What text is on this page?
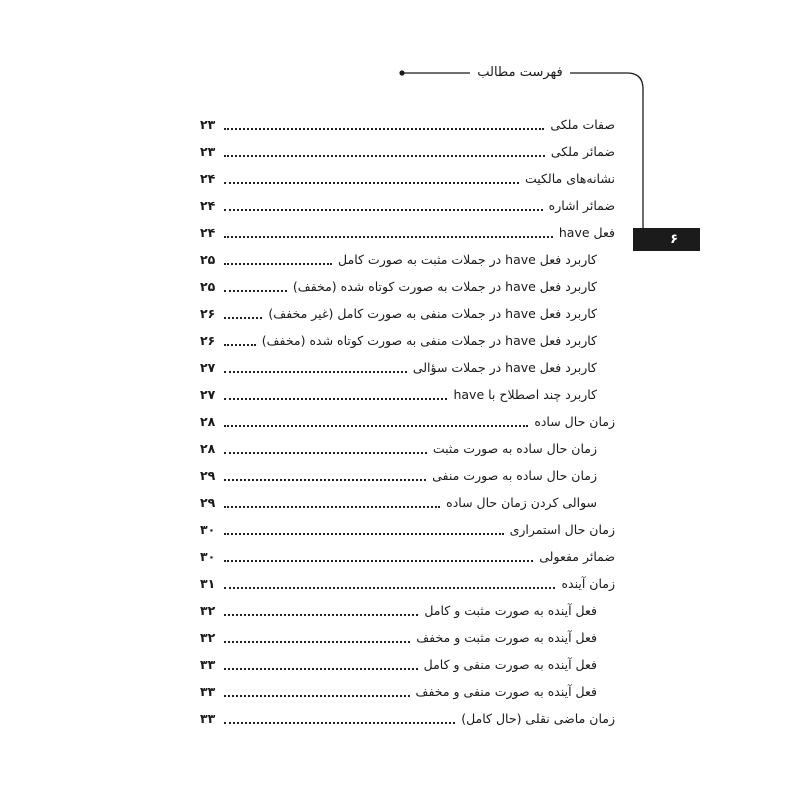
فهرست مطالب
۶
صفات ملکی
۲۳
ضمائر ملکی
۲۳
نشانه‌های مالکیت
۲۴
ضمائر اشاره
۲۴
فعل have
۲۴
کاربرد فعل have در جملات مثبت به صورت کامل
۲۵
کاربرد فعل have در جملات به صورت کوتاه شده (مخفف)
۲۵
کاربرد فعل have در جملات منفی به صورت کامل (غیر مخفف)
۲۶
کاربرد فعل have در جملات منفی به صورت کوتاه شده (مخفف)
۲۶
کاربرد فعل have در جملات سؤالی
۲۷
کاربرد چند اصطلاح با have
۲۷
زمان حال ساده
۲۸
زمان حال ساده به صورت مثبت
۲۸
زمان حال ساده به صورت منفی
۲۹
سوالی کردن زمان حال ساده
۲۹
زمان حال استمراری
۳۰
ضمائر مفعولی
۳۰
زمان آینده
۳۱
فعل آینده به صورت مثبت و کامل
۳۲
فعل آینده به صورت مثبت و مخفف
۳۲
فعل آینده به صورت منفی و کامل
۳۳
فعل آینده به صورت منفی و مخفف
۳۳
زمان ماضی نقلی (حال کامل)
۳۳
